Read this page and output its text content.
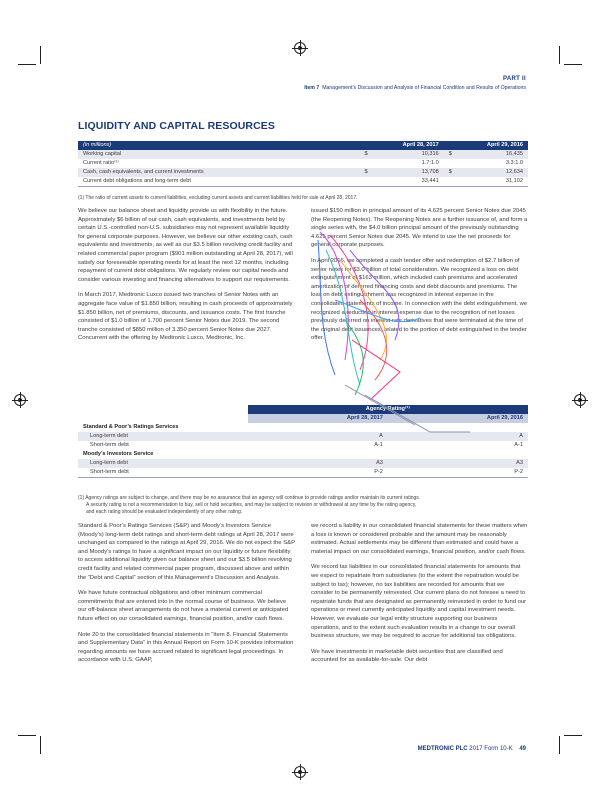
PART II
Item 7 Management’s Discussion and Analysis of Financial Condition and Results of Operations
LIQUIDITY AND CAPITAL RESOURCES
(in millions)	April 28, 2017		April 29, 2016	
Working capital	$	10,316	$	16,435
Current ratio⁽¹⁾		1.7:1.0		3.3:1.0
Cash, cash equivalents, and current investments	$	13,708	$	12,634
Current debt obligations and long-term debt		33,441		31,102
(1) The ratio of current assets to current liabilities, excluding current assets and current liabilities held for sale at April 28, 2017.

We believe our balance sheet and liquidity provide us with flexibility in the future. Approximately $6 billion of our cash, cash equivalents, and investments held by certain U.S.-controlled non-U.S. subsidiaries may not represent available liquidity for general corporate purposes. However, we believe our other existing cash, cash equivalents and investments, as well as our $3.5 billion revolving credit facility and related commercial paper program ($901 million outstanding at April 28, 2017), will satisfy our foreseeable operating needs for at least the next 12 months, including repayment of current debt obligations. We regularly review our capital needs and consider various investing and financing alternatives to support our requirements.

In March 2017, Medtronic Luxco issued two tranches of Senior Notes with an aggregate face value of $1.850 billion, resulting in cash proceeds of approximately $1.850 billion, net of premiums, discounts, and issuance costs. The first tranche consisted of $1.0 billion of 1.700 percent Senior Notes due 2019. The second tranche consisted of $850 million of 3.350 percent Senior Notes due 2027. Concurrent with the offering by Medtronic Luxco, Medtronic, Inc.

issued $150 million in principal amount of its 4.625 percent Senior Notes due 2045 (the Reopening Notes). The Reopening Notes are a further issuance of, and form a single series with, the $4.0 billion principal amount of the previously outstanding 4.625 percent Senior Notes due 2045. We intend to use the net proceeds for general corporate purposes.

In April 2016, we completed a cash tender offer and redemption of $2.7 billion of senior notes for $3.0 billion of total consideration. We recognized a loss on debt extinguishment of $163 million, which included cash premiums and accelerated amortization of deferred financing costs and debt discounts and premiums. The loss on debt extinguishment was recognized in interest expense in the consolidated statements of income. In connection with the debt extinguishment, we recognized a reduction in interest expense due to the recognition of net losses previously deferred on interest rate derivatives that were terminated at the time of the original debt issuances, related to the portion of debt extinguished in the tender offer.

	Agency Rating⁽¹⁾	
	April 28, 2017	April 29, 2016
Standard & Poor’s Ratings Services		
Long-term debt	A	A
Short-term debt	A-1	A-1
Moody’s Investors Service		
Long-term debt	A3	A3
Short-term debt	P-2	P-2
(1) Agency ratings are subject to change, and there may be no assurance that an agency will continue to provide ratings and/or maintain its current ratings.
A security rating is not a recommendation to buy, sell or hold securities, and may be subject to revision or withdrawal at any time by the rating agency,
and each rating should be evaluated independently of any other rating.

Standard & Poor’s Ratings Services (S&P) and Moody’s Investors Service (Moody’s) long-term debt ratings and short-term debt ratings at April 28, 2017 were unchanged as compared to the ratings at April 29, 2016. We do not expect the S&P and Moody’s ratings to have a significant impact on our liquidity or future flexibility to access additional liquidity given our balance sheet and our $3.5 billion revolving credit facility and related commercial paper program, discussed above and within the “Debt and Capital” section of this Management’s Discussion and Analysis.

We have future contractual obligations and other minimum commercial commitments that are entered into in the normal course of business. We believe our off-balance sheet arrangements do not have a material current or anticipated future effect on our consolidated earnings, financial position, and/or cash flows.

Note 20 to the consolidated financial statements in “Item 8. Financial Statements and Supplementary Data” in this Annual Report on Form 10-K provides information regarding amounts we have accrued related to significant legal proceedings. In accordance with U.S. GAAP,

we record a liability in our consolidated financial statements for these matters when a loss is known or considered probable and the amount may be reasonably estimated. Actual settlements may be different than estimated and could have a material impact on our consolidated earnings, financial position, and/or cash flows.

We record tax liabilities in our consolidated financial statements for amounts that we expect to repatriate from subsidiaries (to the extent the repatriation would be subject to tax); however, no tax liabilities are recorded for amounts that we consider to be permanently reinvested. Our current plans do not foresee a need to repatriate funds that are designated as permanently reinvested in order to fund our operations or meet currently anticipated liquidity and capital investment needs. However, we evaluate our legal entity structure supporting our business operations, and to the extent such evaluation results in a change to our overall business structure, we may be required to accrue for additional tax obligations.

We have investments in marketable debt securities that are classified and accounted for as available-for-sale. Our debt

MEDTRONIC PLC 2017 Form 10-K 49
